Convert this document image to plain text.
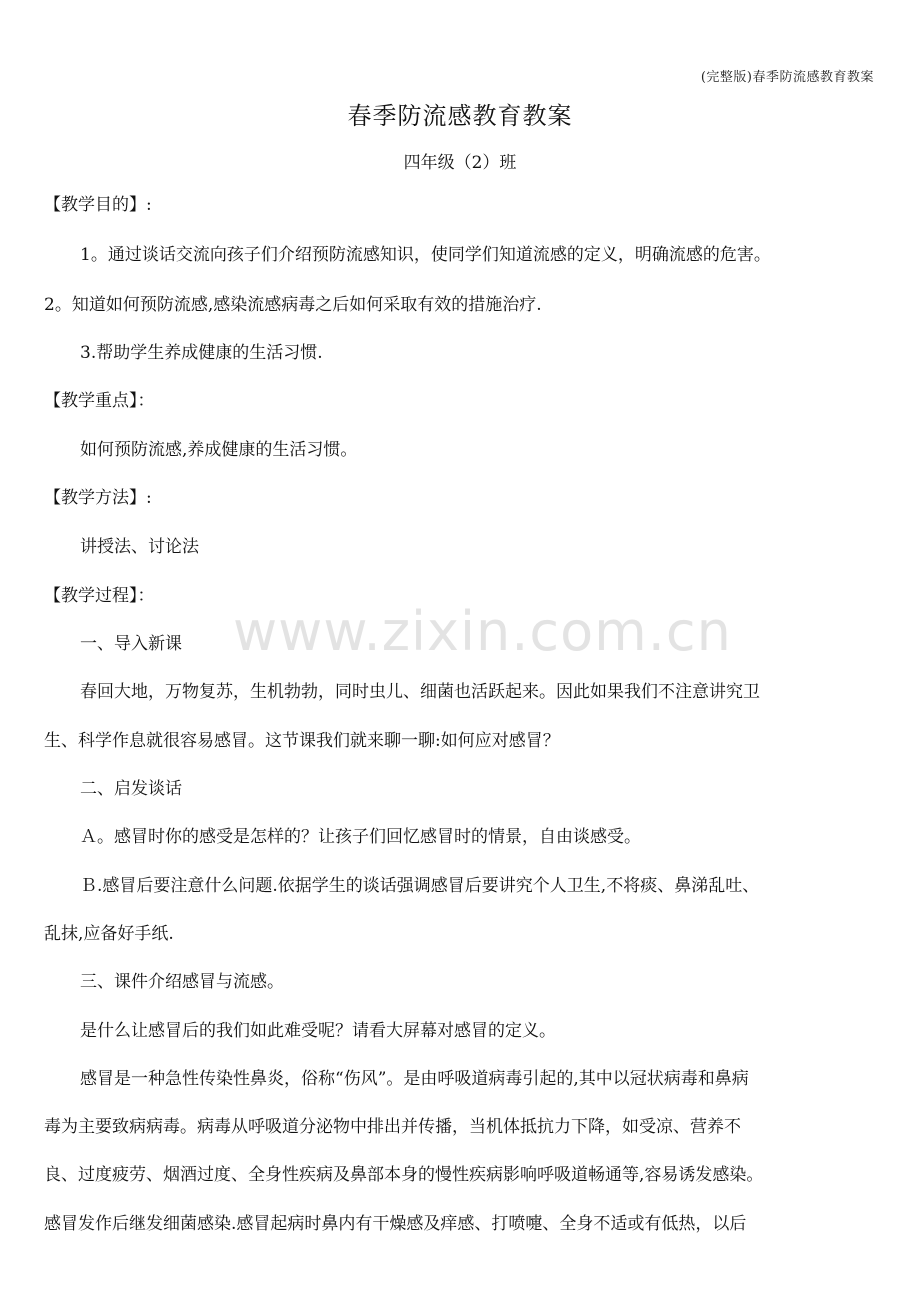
(完整版)春季防流感教育教案
春季防流感教育教案
四年级（2）班
www.zixin.com.cn
【教学目的】:
1。通过谈话交流向孩子们介绍预防流感知识，使同学们知道流感的定义，明确流感的危害。
2。知道如何预防流感,感染流感病毒之后如何采取有效的措施治疗.
3.帮助学生养成健康的生活习惯.
【教学重点】：
如何预防流感,养成健康的生活习惯。
【教学方法】:
讲授法、讨论法
【教学过程】：
一、导入新课
春回大地，万物复苏，生机勃勃，同时虫儿、细菌也活跃起来。因此如果我们不注意讲究卫
生、科学作息就很容易感冒。这节课我们就来聊一聊:如何应对感冒？
二、启发谈话
Ａ。感冒时你的感受是怎样的？让孩子们回忆感冒时的情景，自由谈感受。
Ｂ.感冒后要注意什么问题.依据学生的谈话强调感冒后要讲究个人卫生,不将痰、鼻涕乱吐、
乱抹,应备好手纸.
三、课件介绍感冒与流感。
是什么让感冒后的我们如此难受呢？请看大屏幕对感冒的定义。
感冒是一种急性传染性鼻炎，俗称“伤风”。是由呼吸道病毒引起的,其中以冠状病毒和鼻病
毒为主要致病病毒。病毒从呼吸道分泌物中排出并传播，当机体抵抗力下降，如受凉、营养不
良、过度疲劳、烟酒过度、全身性疾病及鼻部本身的慢性疾病影响呼吸道畅通等,容易诱发感染。
感冒发作后继发细菌感染.感冒起病时鼻内有干燥感及痒感、打喷嚏、全身不适或有低热，以后
